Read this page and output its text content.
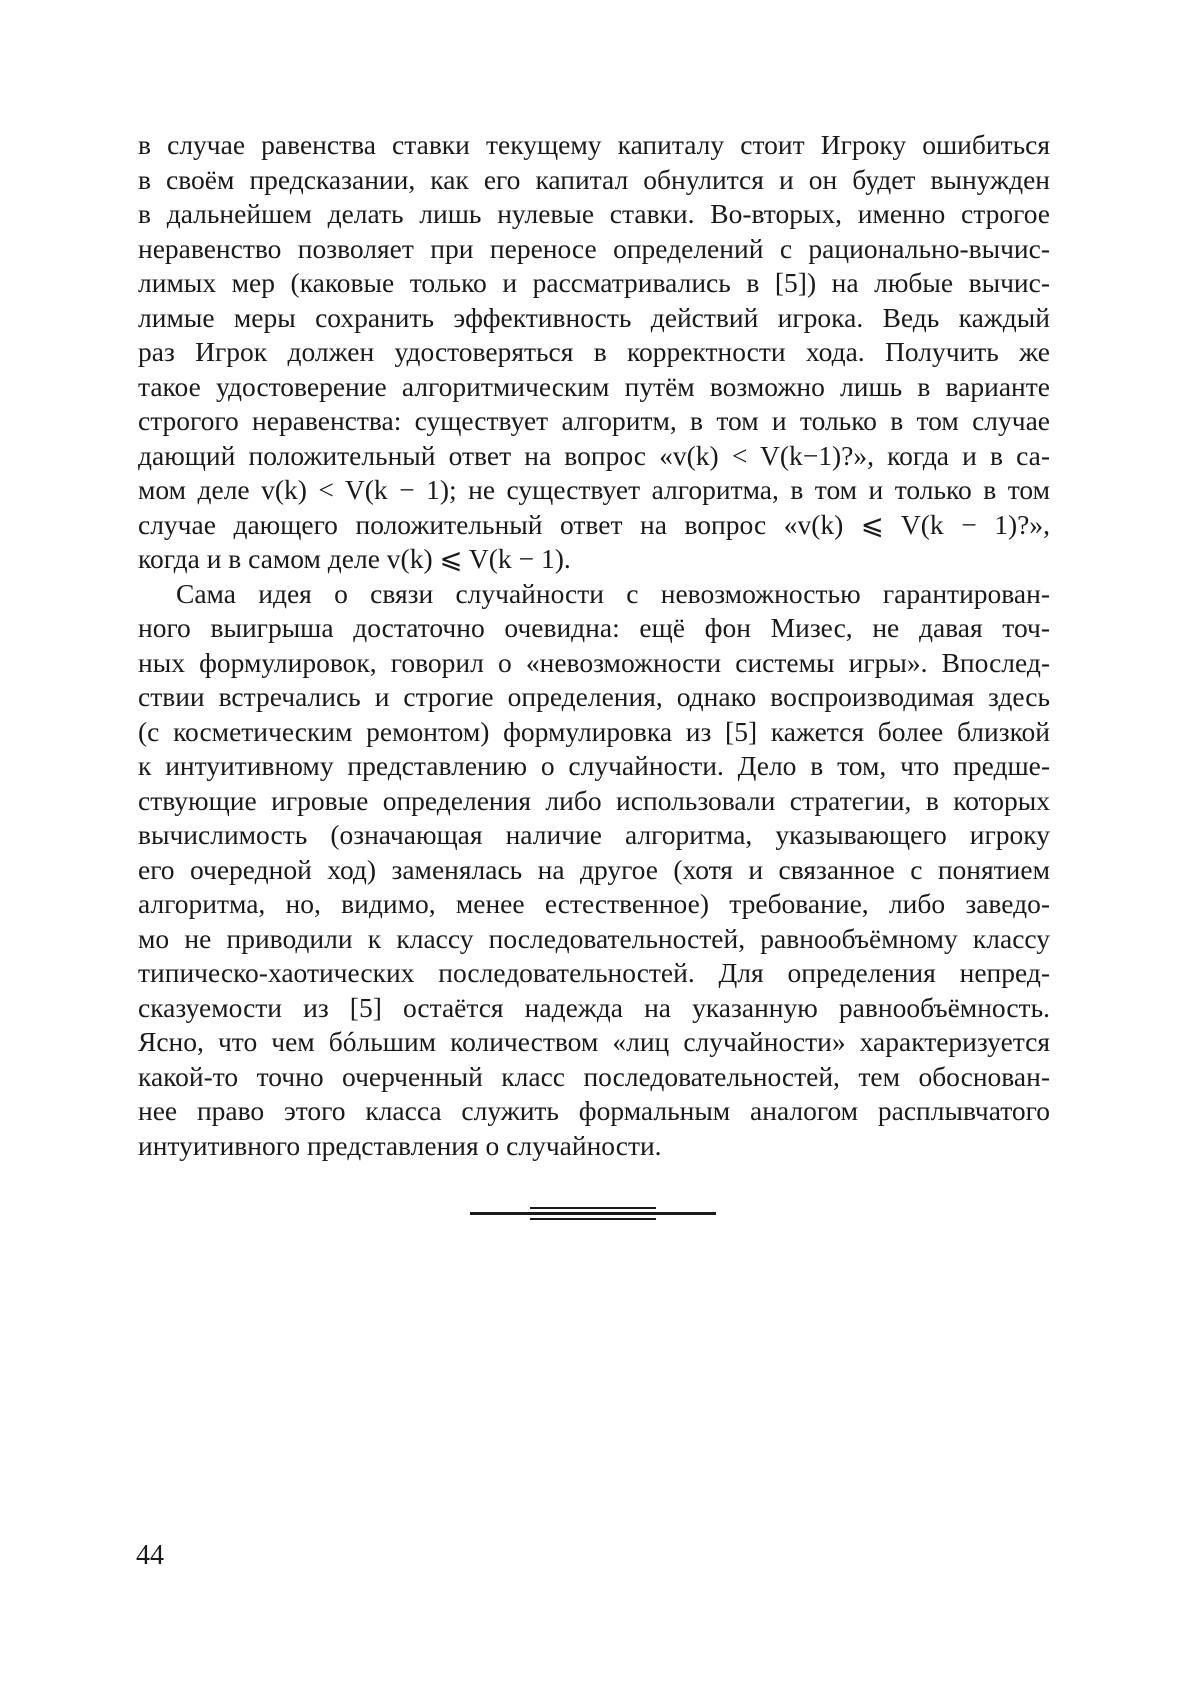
в случае равенства ставки текущему капиталу стоит Игроку ошибиться
в своём предсказании, как его капитал обнулится и он будет вынужден
в дальнейшем делать лишь нулевые ставки. Во-вторых, именно строгое
неравенство позволяет при переносе определений с рационально-вычис-
лимых мер (каковые только и рассматривались в [5]) на любые вычис-
лимые меры сохранить эффективность действий игрока. Ведь каждый
раз Игрок должен удостоверяться в корректности хода. Получить же
такое удостоверение алгоритмическим путём возможно лишь в варианте
строгого неравенства: существует алгоритм, в том и только в том случае
дающий положительный ответ на вопрос «v(k) < V(k−1)?», когда и в са-
мом деле v(k) < V(k − 1); не существует алгоритма, в том и только в том
случае дающего положительный ответ на вопрос «v(k) ⩽ V(k − 1)?»,
когда и в самом деле v(k) ⩽ V(k − 1).

Сама идея о связи случайности с невозможностью гарантирован-
ного выигрыша достаточно очевидна: ещё фон Мизес, не давая точ-
ных формулировок, говорил о «невозможности системы игры». Впослед-
ствии встречались и строгие определения, однако воспроизводимая здесь
(с косметическим ремонтом) формулировка из [5] кажется более близкой
к интуитивному представлению о случайности. Дело в том, что предше-
ствующие игровые определения либо использовали стратегии, в которых
вычислимость (означающая наличие алгоритма, указывающего игроку
его очередной ход) заменялась на другое (хотя и связанное с понятием
алгоритма, но, видимо, менее естественное) требование, либо заведо-
мо не приводили к классу последовательностей, равнообъёмному классу
типическо-хаотических последовательностей. Для определения непред-
сказуемости из [5] остаётся надежда на указанную равнообъёмность.
Ясно, что чем бóльшим количеством «лиц случайности» характеризуется
какой-то точно очерченный класс последовательностей, тем обоснован-
нее право этого класса служить формальным аналогом расплывчатого
интуитивного представления о случайности.

44
